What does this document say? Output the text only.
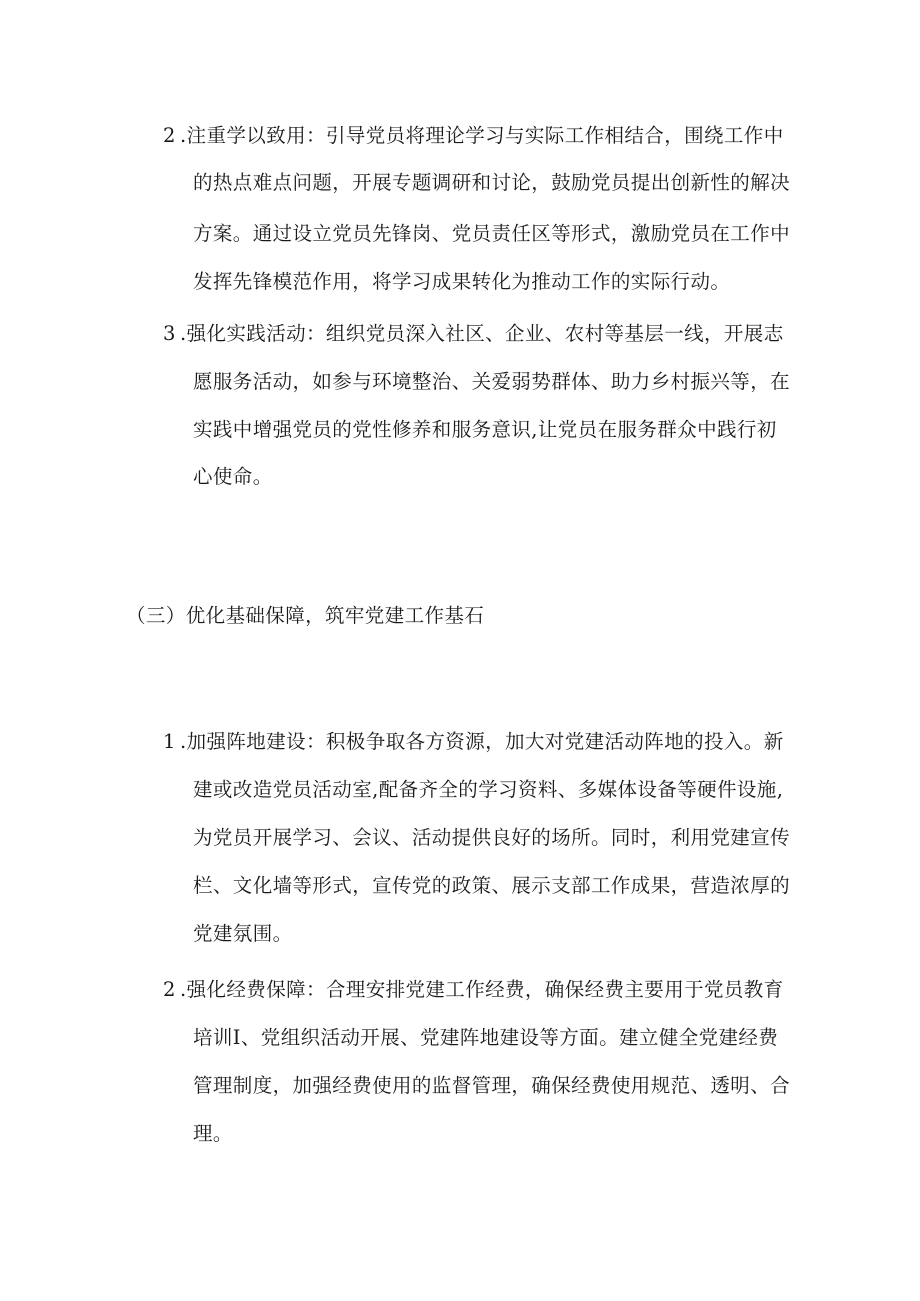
2 .注重学以致用：引导党员将理论学习与实际工作相结合，围绕工作中
的热点难点问题，开展专题调研和讨论，鼓励党员提出创新性的解决
方案。通过设立党员先锋岗、党员责任区等形式，激励党员在工作中
发挥先锋模范作用，将学习成果转化为推动工作的实际行动。
3 .强化实践活动：组织党员深入社区、企业、农村等基层一线，开展志
愿服务活动，如参与环境整治、关爱弱势群体、助力乡村振兴等，在
实践中增强党员的党性修养和服务意识,让党员在服务群众中践行初
心使命。
（三）优化基础保障，筑牢党建工作基石
1 .加强阵地建设：积极争取各方资源，加大对党建活动阵地的投入。新
建或改造党员活动室,配备齐全的学习资料、多媒体设备等硬件设施,
为党员开展学习、会议、活动提供良好的场所。同时，利用党建宣传
栏、文化墙等形式，宣传党的政策、展示支部工作成果，营造浓厚的
党建氛围。
2 .强化经费保障：合理安排党建工作经费，确保经费主要用于党员教育
培训I、党组织活动开展、党建阵地建设等方面。建立健全党建经费
管理制度，加强经费使用的监督管理，确保经费使用规范、透明、合
理。
